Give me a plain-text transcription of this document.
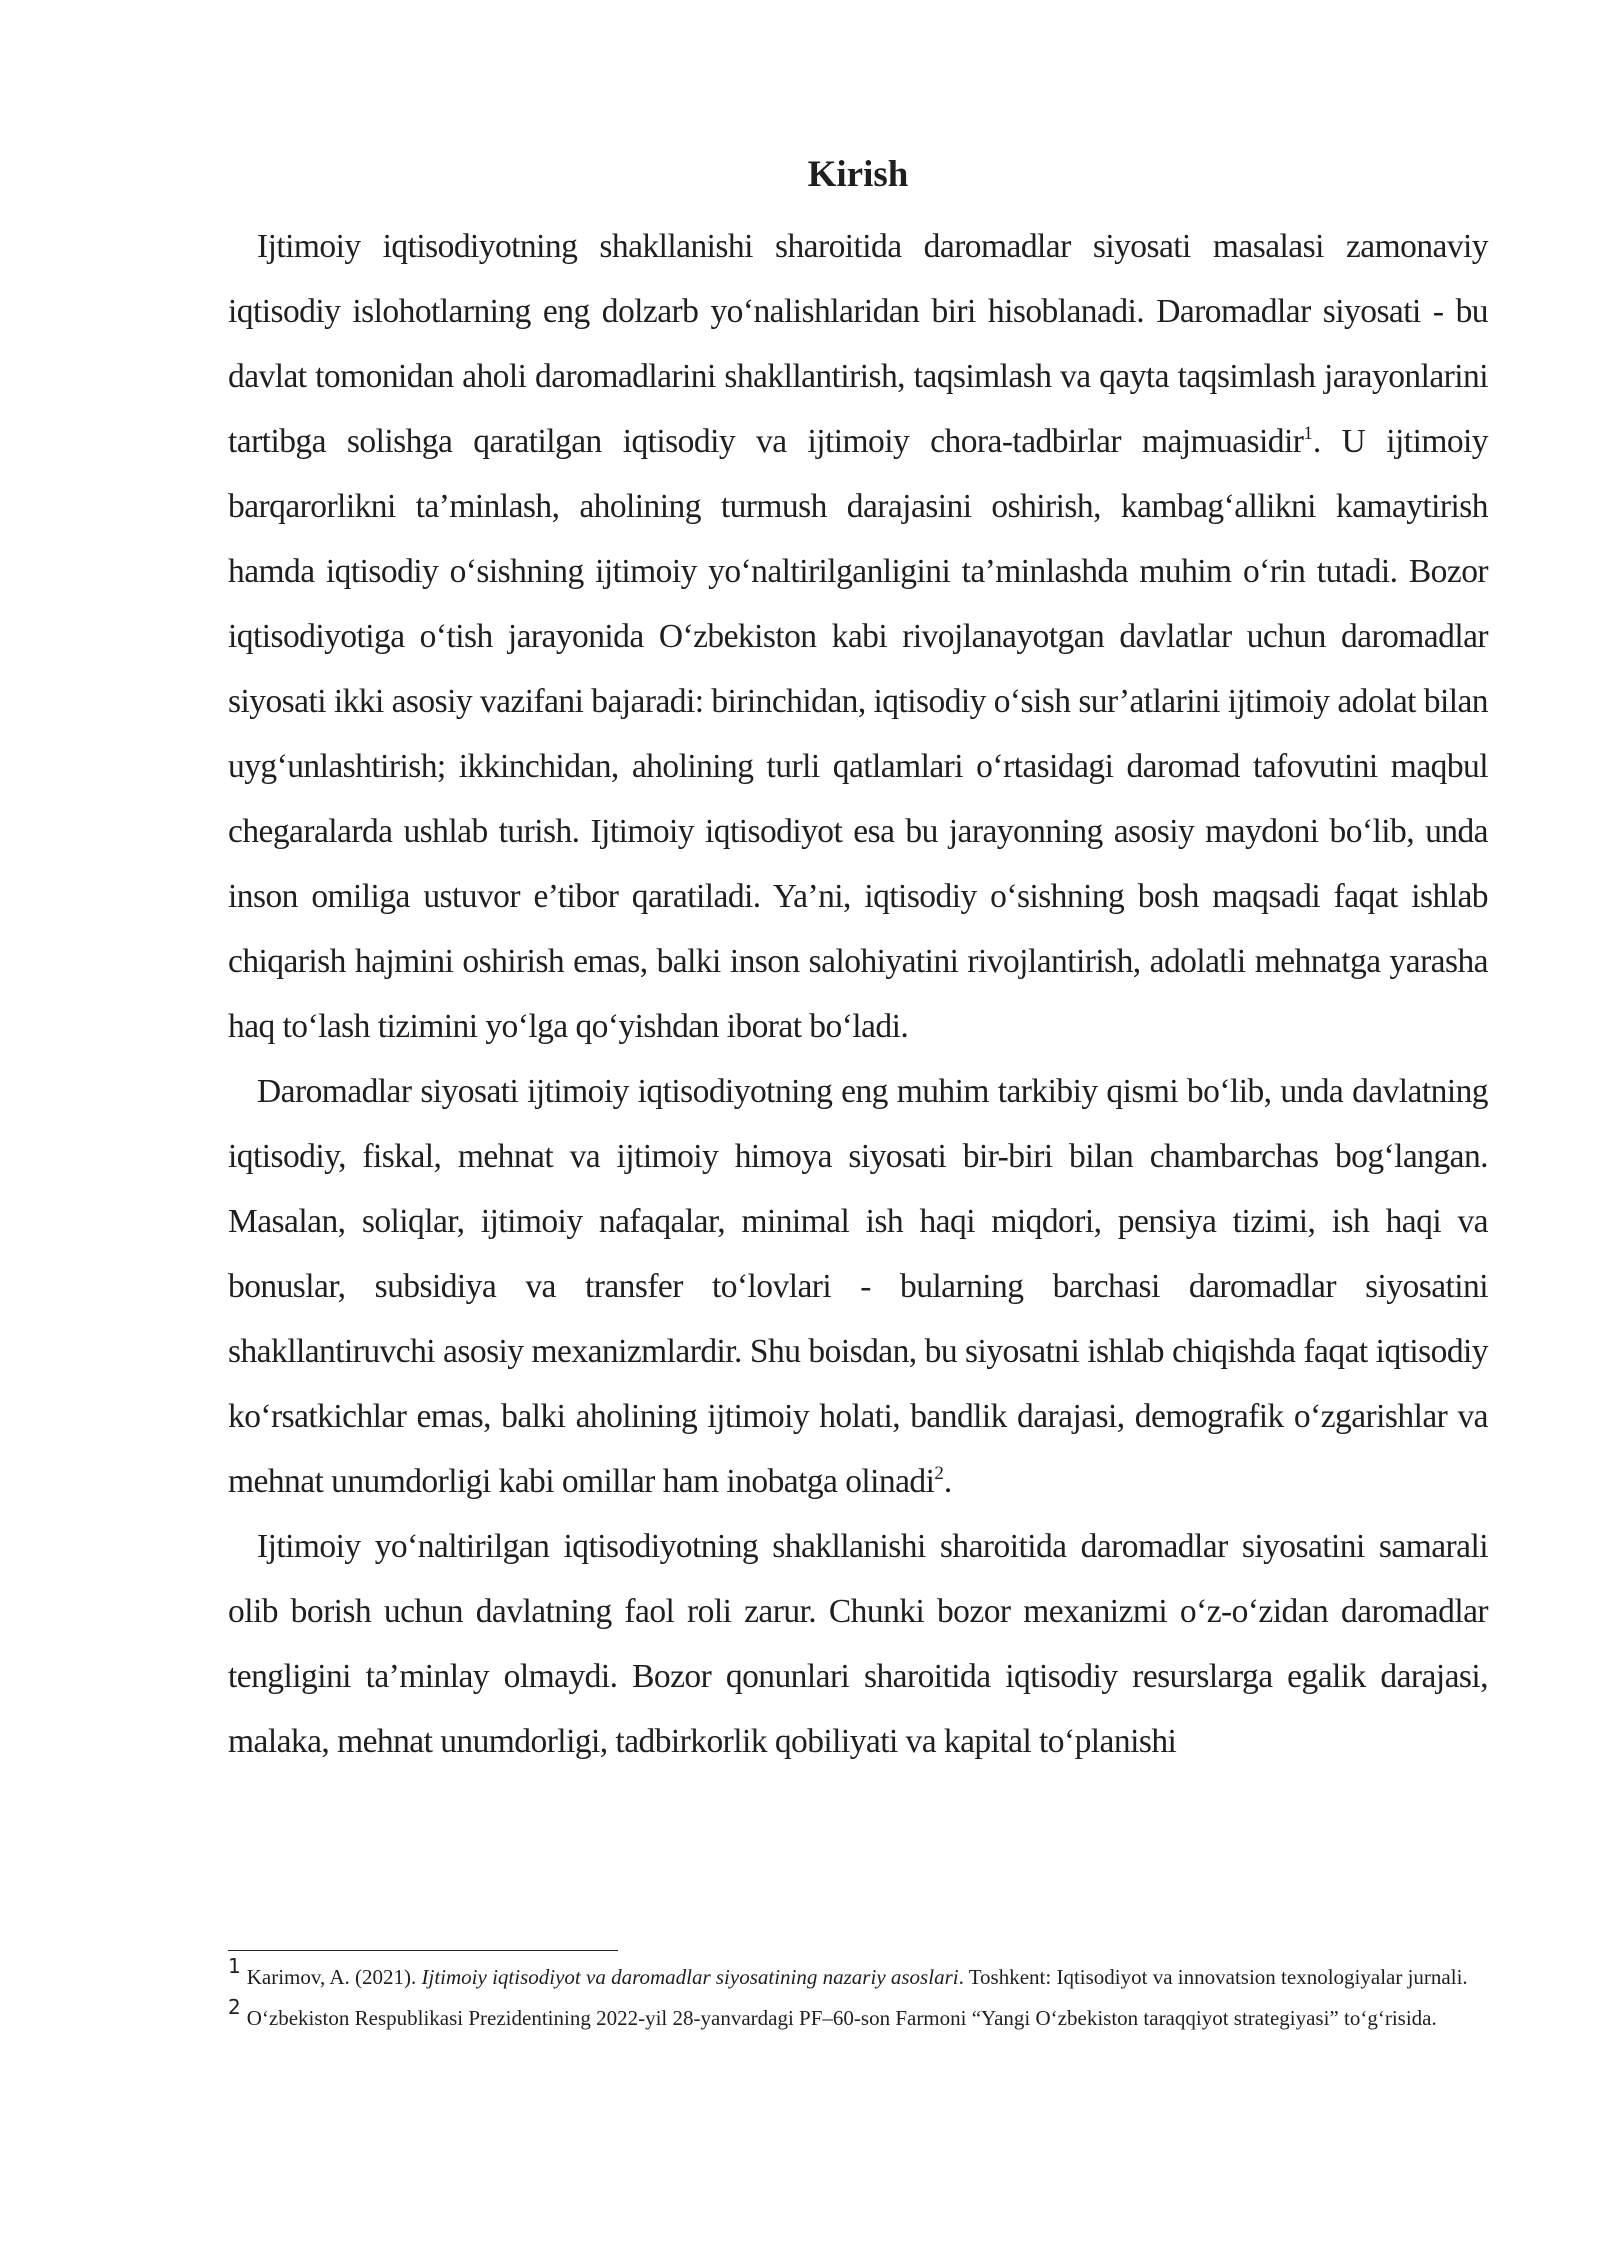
Kirish

Ijtimoiy iqtisodiyotning shakllanishi sharoitida daromadlar siyosati masalasi zamonaviy iqtisodiy islohotlarning eng dolzarb yo‘nalishlaridan biri hisoblanadi. Daromadlar siyosati - bu davlat tomonidan aholi daromadlarini shakllantirish, taqsimlash va qayta taqsimlash jarayonlarini tartibga solishga qaratilgan iqtisodiy va ijtimoiy chora-tadbirlar majmuasidir$^1$. U ijtimoiy barqarorlikni ta’minlash, aholining turmush darajasini oshirish, kambag‘allikni kamaytirish hamda iqtisodiy o‘sishning ijtimoiy yo‘naltirilganligini ta’minlashda muhim o‘rin tutadi. Bozor iqtisodiyotiga o‘tish jarayonida O‘zbekiston kabi rivojlanayotgan davlatlar uchun daromadlar siyosati ikki asosiy vazifani bajaradi: birinchidan, iqtisodiy o‘sish sur’atlarini ijtimoiy adolat bilan uyg‘unlashtirish; ikkinchidan, aholining turli qatlamlari o‘rtasidagi daromad tafovutini maqbul chegaralarda ushlab turish. Ijtimoiy iqtisodiyot esa bu jarayonning asosiy maydoni bo‘lib, unda inson omiliga ustuvor e’tibor qaratiladi. Ya’ni, iqtisodiy o‘sishning bosh maqsadi faqat ishlab chiqarish hajmini oshirish emas, balki inson salohiyatini rivojlantirish, adolatli mehnatga yarasha haq to‘lash tizimini yo‘lga qo‘yishdan iborat bo‘ladi.

Daromadlar siyosati ijtimoiy iqtisodiyotning eng muhim tarkibiy qismi bo‘lib, unda davlatning iqtisodiy, fiskal, mehnat va ijtimoiy himoya siyosati bir-biri bilan chambarchas bog‘langan. Masalan, soliqlar, ijtimoiy nafaqalar, minimal ish haqi miqdori, pensiya tizimi, ish haqi va bonuslar, subsidiya va transfer to‘lovlari - bularning barchasi daromadlar siyosatini shakllantiruvchi asosiy mexanizmlardir. Shu boisdan, bu siyosatni ishlab chiqishda faqat iqtisodiy ko‘rsatkichlar emas, balki aholining ijtimoiy holati, bandlik darajasi, demografik o‘zgarishlar va mehnat unumdorligi kabi omillar ham inobatga olinadi$^2$.

Ijtimoiy yo‘naltirilgan iqtisodiyotning shakllanishi sharoitida daromadlar siyosatini samarali olib borish uchun davlatning faol roli zarur. Chunki bozor mexanizmi o‘z-o‘zidan daromadlar tengligini ta’minlay olmaydi. Bozor qonunlari sharoitida iqtisodiy resurslarga egalik darajasi, malaka, mehnat unumdorligi, tadbirkorlik qobiliyati va kapital to‘planishi

1 Karimov, A. (2021). Ijtimoiy iqtisodiyot va daromadlar siyosatining nazariy asoslari. Toshkent: Iqtisodiyot va innovatsion texnologiyalar jurnali.

2 O‘zbekiston Respublikasi Prezidentining 2022-yil 28-yanvardagi PF–60-son Farmoni “Yangi O‘zbekiston taraqqiyot strategiyasi” to‘g‘risida.
